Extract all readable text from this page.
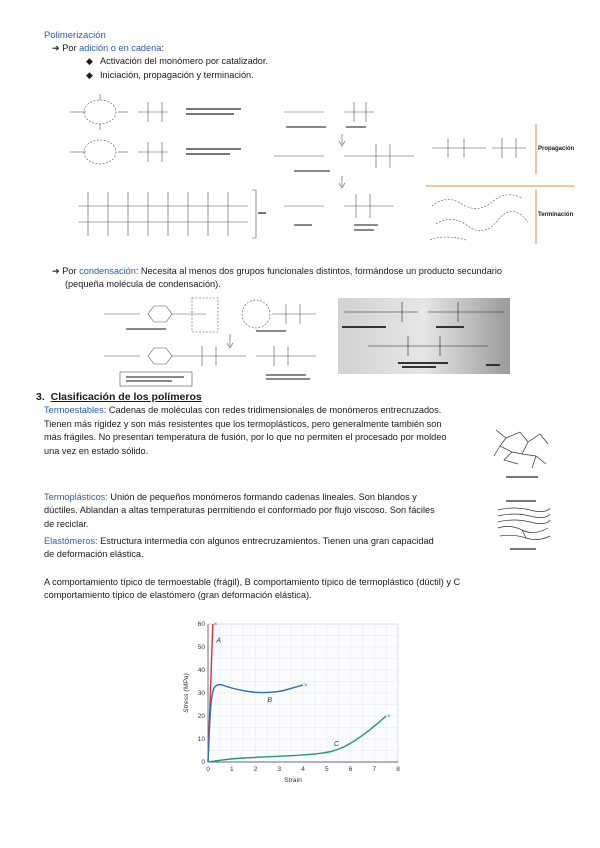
Polimerización
➔ Por adición o en cadena:
◆ Activación del monómero por catalizador.
◆ Iniciación, propagación y terminación.
Propagación
Terminación
➔ Por condensación: Necesita al menos dos grupos funcionales distintos, formándose un producto secundario
(pequeña molécula de condensación).
3. Clasificación de los polímeros
Termoestables: Cadenas de moléculas con redes tridimensionales de monómeros entrecruzados.
Tienen más rigidez y son más resistentes que los termoplásticos, pero generalmente también son
más frágiles. No presentan temperatura de fusión, por lo que no permiten el procesado por moldeo
una vez en estado sólido.
Termoplásticos: Unión de pequeños monómeros formando cadenas lineales. Son blandos y
dúctiles. Ablandan a altas temperaturas permitiendo el conformado por flujo viscoso. Son fáciles
de reciclar.
Elastómeros: Estructura intermedia con algunos entrecruzamientos. Tienen una gran capacidad
de deformación elástica.
A comportamiento típico de termoestable (frágil), B comportamiento típico de termoplástico (dúctil) y C
comportamiento típico de elastómero (gran deformación elástica).
×
×
×
0	1	2	3	4	5	6	7	8
0
10
20
30
40
50
60
Strain
Stress (MPa)
A
B
C
